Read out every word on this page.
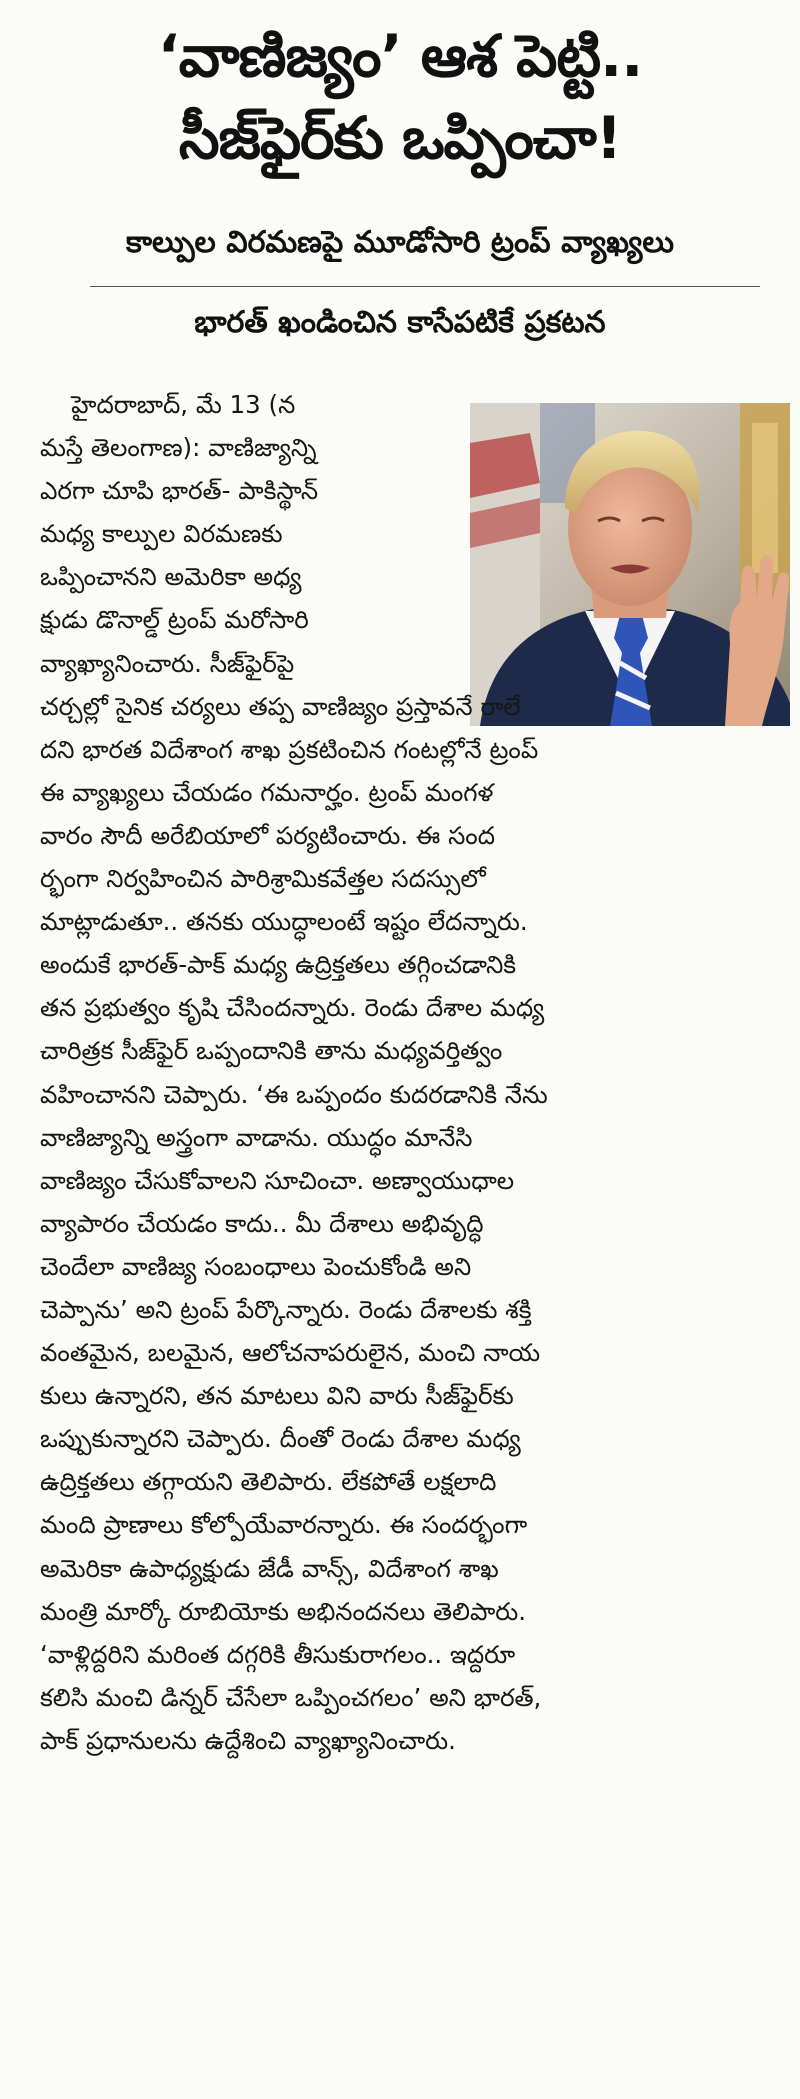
‘వాణిజ్యం’ ఆశ పెట్టి..
సీజ్‌ఫైర్‌కు ఒప్పించా!
కాల్పుల విరమణపై మూడోసారి ట్రంప్ వ్యాఖ్యలు
భారత్ ఖండించిన కాసేపటికే ప్రకటన
హైదరాబాద్, మే 13 (న
మస్తే తెలంగాణ): వాణిజ్యాన్ని
ఎరగా చూపి భారత్‌- పాకిస్థాన్
మధ్య కాల్పుల విరమణకు
ఒప్పించానని అమెరికా అధ్య
క్షుడు డొనాల్డ్ ట్రంప్ మరోసారి
వ్యాఖ్యానించారు. సీజ్‌ఫైర్‌పై
చర్చల్లో సైనిక చర్యలు తప్ప వాణిజ్యం ప్రస్తావనే రాలే
దని భారత విదేశాంగ శాఖ ప్రకటించిన గంటల్లోనే ట్రంప్
ఈ వ్యాఖ్యలు చేయడం గమనార్హం. ట్రంప్ మంగళ
వారం సౌదీ అరేబియాలో పర్యటించారు. ఈ సంద
ర్భంగా నిర్వహించిన పారిశ్రామికవేత్తల సదస్సులో
మాట్లాడుతూ.. తనకు యుద్ధాలంటే ఇష్టం లేదన్నారు.
అందుకే భారత్‌-పాక్ మధ్య ఉద్రిక్తతలు తగ్గించడానికి
తన ప్రభుత్వం కృషి చేసిందన్నారు. రెండు దేశాల మధ్య
చారిత్రక సీజ్‌ఫైర్ ఒప్పందానికి తాను మధ్యవర్తిత్వం
వహించానని చెప్పారు. ‘ఈ ఒప్పందం కుదరడానికి నేను
వాణిజ్యాన్ని అస్త్రంగా వాడాను. యుద్ధం మానేసి
వాణిజ్యం చేసుకోవాలని సూచించా. అణ్వాయుధాల
వ్యాపారం చేయడం కాదు.. మీ దేశాలు అభివృద్ధి
చెందేలా వాణిజ్య సంబంధాలు పెంచుకోండి అని
చెప్పాను’ అని ట్రంప్ పేర్కొన్నారు. రెండు దేశాలకు శక్తి
వంతమైన, బలమైన, ఆలోచనాపరులైన, మంచి నాయ
కులు ఉన్నారని, తన మాటలు విని వారు సీజ్‌ఫైర్‌కు
ఒప్పుకున్నారని చెప్పారు. దీంతో రెండు దేశాల మధ్య
ఉద్రిక్తతలు తగ్గాయని తెలిపారు. లేకపోతే లక్షలాది
మంది ప్రాణాలు కోల్పోయేవారన్నారు. ఈ సందర్భంగా
అమెరికా ఉపాధ్యక్షుడు జేడీ వాన్స్, విదేశాంగ శాఖ
మంత్రి మార్కో రూబియోకు అభినందనలు తెలిపారు.
‘వాళ్లిద్దరిని మరింత దగ్గరికి తీసుకురాగలం.. ఇద్దరూ
కలిసి మంచి డిన్నర్ చేసేలా ఒప్పించగలం’ అని భారత్,
పాక్ ప్రధానులను ఉద్దేశించి వ్యాఖ్యానించారు.
